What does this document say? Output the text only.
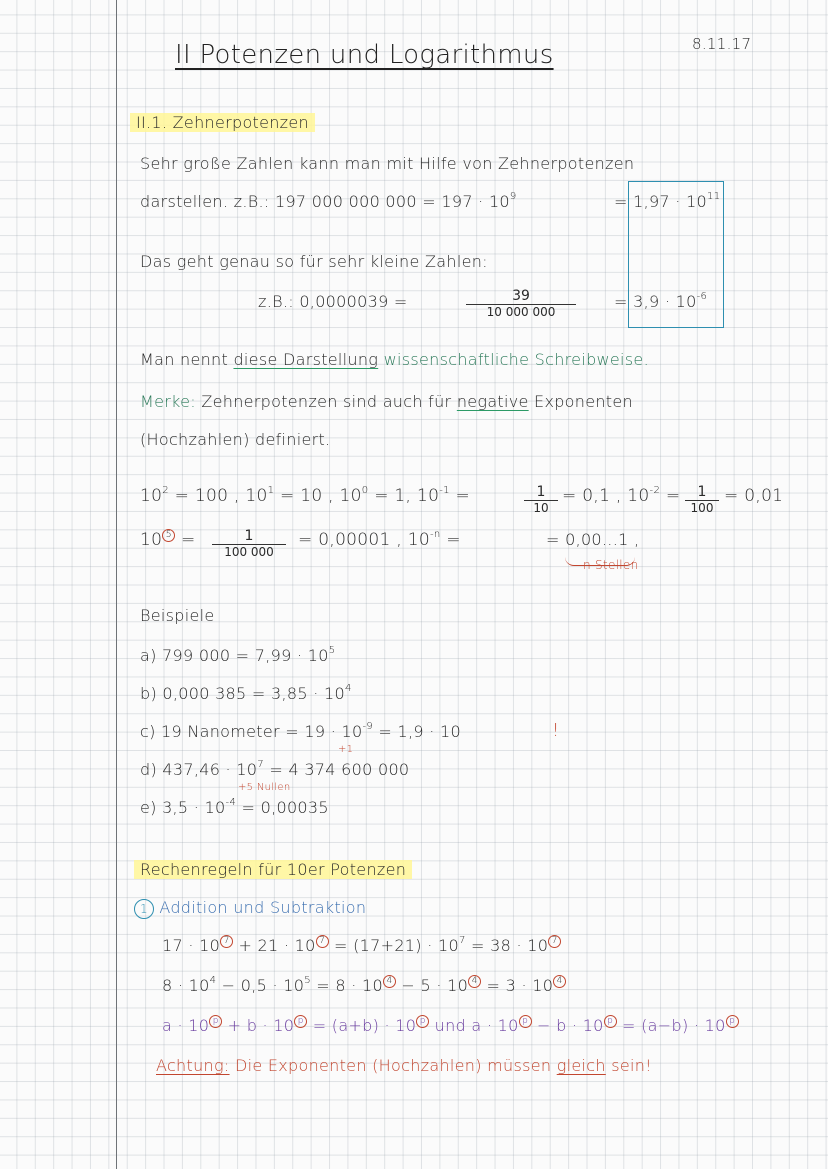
8.11.17
II Potenzen und Logarithmus
II.1. Zehnerpotenzen
Sehr große Zahlen kann man mit Hilfe von Zehnerpotenzen
darstellen. z.B.: 197 000 000 $000 = 197 \cdot 10^9$	= $1,97 \cdot 10^{11}$
Das geht genau so für sehr kleine Zahlen:
z.B.: 0,0000039 =	$\frac{39}{10 000 000} = 3,9 \cdot 10^{-6}$
Man nennt diese Darstellung wissenschaftliche Schreibweise.
Merke: Zehnerpotenzen sind auch für negative Exponenten
(Hochzahlen) definiert.
$10^2 = 100$ , $10^1 = 10$ , $10^0 = 1$, $10^{-1}$ =	$\frac{1}{10} = 0,1$ , $10^{-2} = \frac{1}{100} = 0,01$
10 $5 = \frac{1}{100 000} = 0,00001$ , $10^{-n}$ =	= 0,00...1 ,
n Stellen
Beispiele
a) 799 $000 = 7,99 \cdot 10^5$
b) 0,000 $385 = 3,85 \cdot 10^4$
c) 19 Nanometer = $19 \cdot 10^{-9} = 1,9 \cdot 10$
+1
!
d) $437,46 \cdot 10^7 = 4$ 374 600 000
+5 Nullen
e) $3,5 \cdot 10^{-4} = 0,00035$
Rechenregeln für 10er Potenzen
1 Addition und Subtraktion
17 · 10 7 + 21 · 10 $7 = (17+21) \cdot 10^7 = 38 \cdot 10$ 7
$8 \cdot 10^4 - 0,5 \cdot 10^5 = 8 \cdot 10$ 4 − 5 · 10 4 = 3 · 10 4
a · 10 p + b · 10 p = (a+b) · 10 p und a · 10 p − b · 10 p = (a−b) · 10 p
Achtung: Die Exponenten (Hochzahlen) müssen gleich sein!
